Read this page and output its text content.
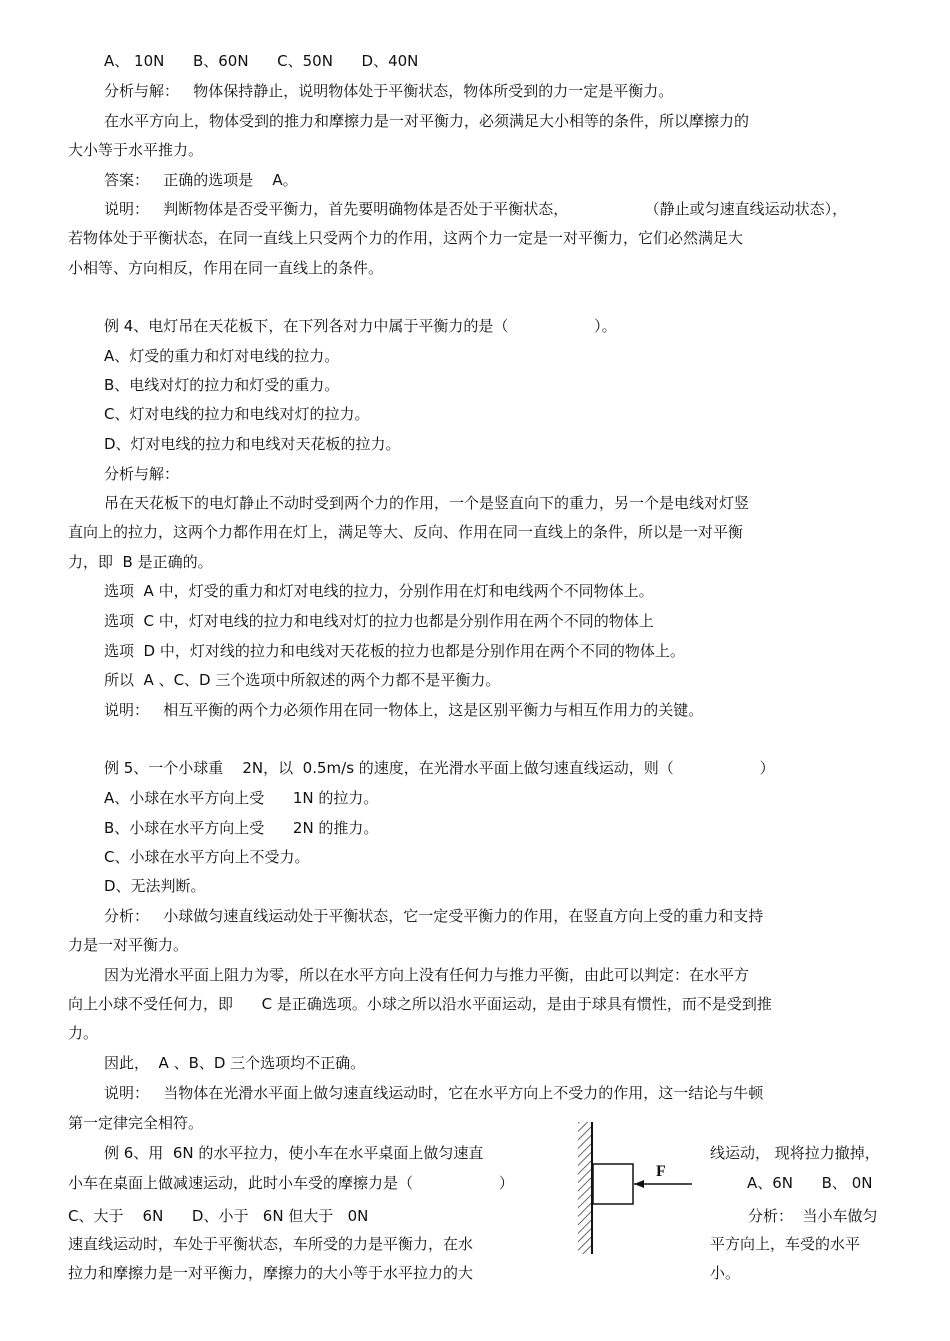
A、 10N      B、60N      C、50N      D、40N
分析与解：   物体保持静止，说明物体处于平衡状态，物体所受到的力一定是平衡力。
在水平方向上，物体受到的推力和摩擦力是一对平衡力，必须满足大小相等的条件，所以摩擦力的
大小等于水平推力。
答案：   正确的选项是    A。
说明：   判断物体是否受平衡力，首先要明确物体是否处于平衡状态，                （静止或匀速直线运动状态），
若物体处于平衡状态，在同一直线上只受两个力的作用，这两个力一定是一对平衡力，它们必然满足大
小相等、方向相反，作用在同一直线上的条件。
例 4、电灯吊在天花板下，在下列各对力中属于平衡力的是（                  ）。
A、灯受的重力和灯对电线的拉力。
B、电线对灯的拉力和灯受的重力。
C、灯对电线的拉力和电线对灯的拉力。
D、灯对电线的拉力和电线对天花板的拉力。
分析与解：
吊在天花板下的电灯静止不动时受到两个力的作用，一个是竖直向下的重力，另一个是电线对灯竖
直向上的拉力，这两个力都作用在灯上，满足等大、反向、作用在同一直线上的条件，所以是一对平衡
力，即  B 是正确的。
选项  A 中，灯受的重力和灯对电线的拉力，分别作用在灯和电线两个不同物体上。
选项  C 中，灯对电线的拉力和电线对灯的拉力也都是分别作用在两个不同的物体上
选项  D 中，灯对线的拉力和电线对天花板的拉力也都是分别作用在两个不同的物体上。
所以  A 、C、D 三个选项中所叙述的两个力都不是平衡力。
说明：   相互平衡的两个力必须作用在同一物体上，这是区别平衡力与相互作用力的关键。
例 5、一个小球重    2N，以  0.5m/s 的速度，在光滑水平面上做匀速直线运动，则（                  ）
A、小球在水平方向上受      1N 的拉力。
B、小球在水平方向上受      2N 的推力。
C、小球在水平方向上不受力。
D、无法判断。
分析：   小球做匀速直线运动处于平衡状态，它一定受平衡力的作用，在竖直方向上受的重力和支持
力是一对平衡力。
因为光滑水平面上阻力为零，所以在水平方向上没有任何力与推力平衡，由此可以判定：在水平方
向上小球不受任何力，即      C 是正确选项。小球之所以沿水平面运动，是由于球具有惯性，而不是受到推
力。
因此，  A 、B、D 三个选项均不正确。
说明：   当物体在光滑水平面上做匀速直线运动时，它在水平方向上不受力的作用，这一结论与牛顿
第一定律完全相符。
例 6、用  6N 的水平拉力，使小车在水平桌面上做匀速直	线运动， 现将拉力撤掉，
小车在桌面上做减速运动，此时小车受的摩擦力是（                  ）	A、6N      B、 0N
C、大于    6N      D、小于   6N 但大于   0N	分析：  当小车做匀
速直线运动时，车处于平衡状态，车所受的力是平衡力，在水	平方向上，车受的水平
拉力和摩擦力是一对平衡力，摩擦力的大小等于水平拉力的大	小。
F
